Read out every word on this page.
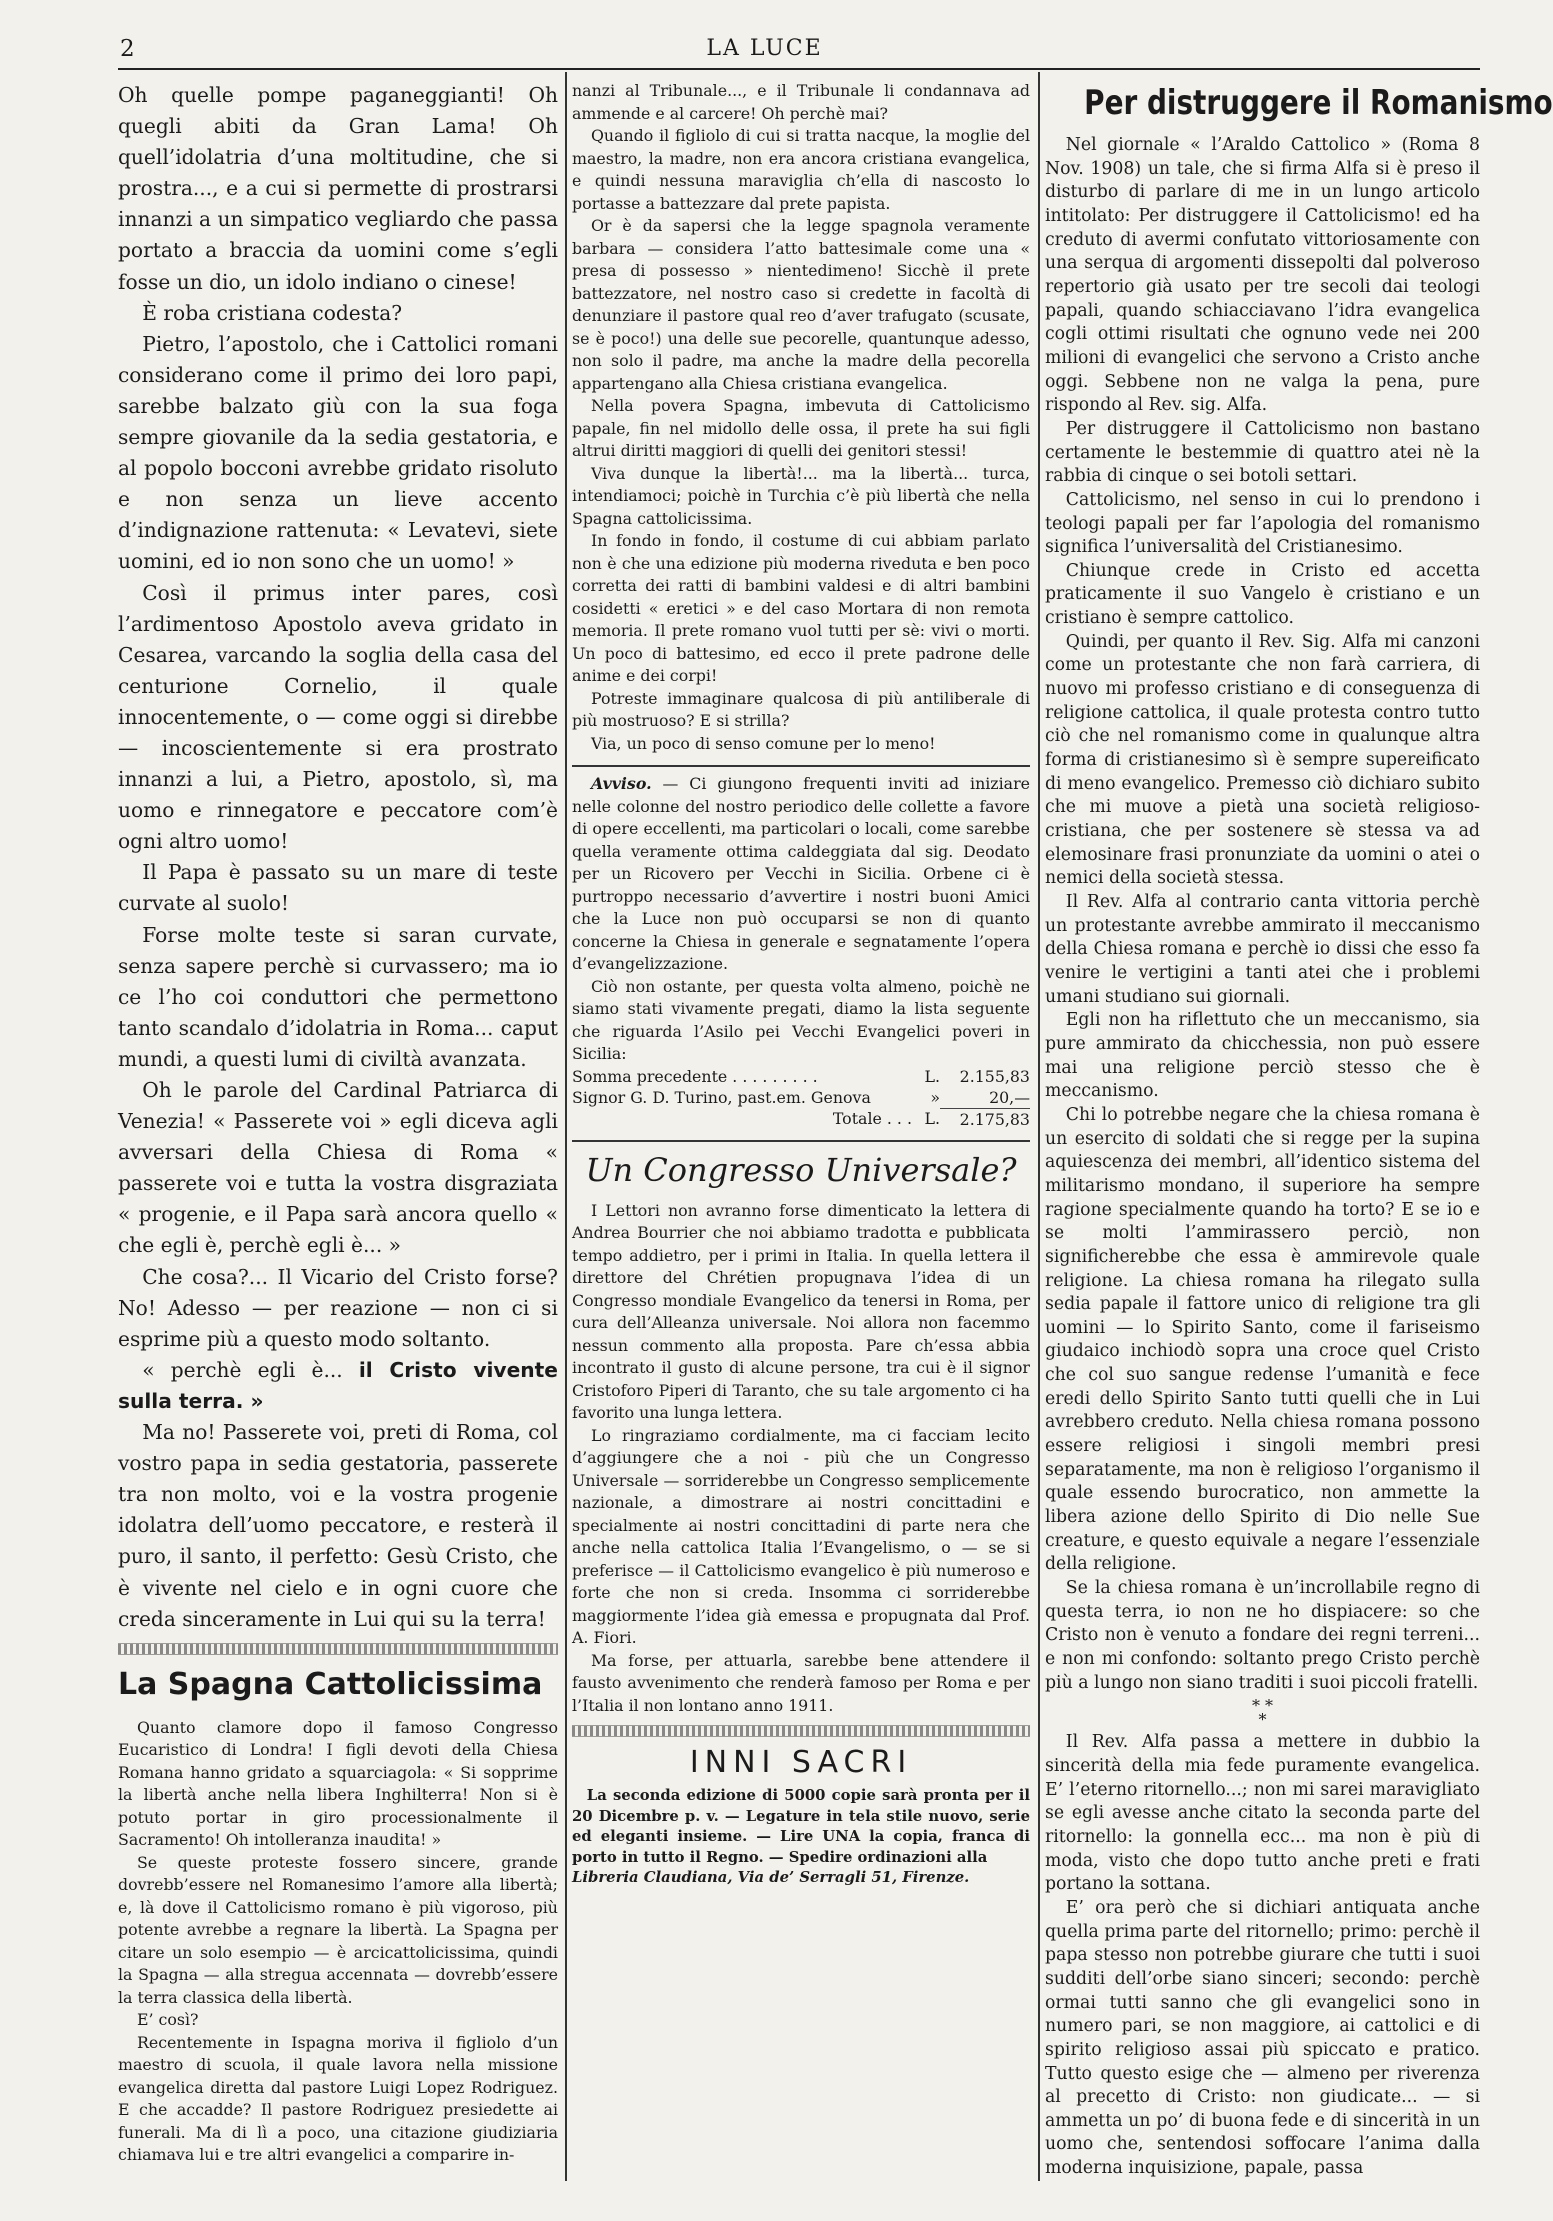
2	LA LUCE

Oh quelle pompe paganeggianti! Oh quegli abiti da Gran Lama! Oh quell’idolatria d’una moltitudine, che si prostra..., e a cui si permette di prostrarsi innanzi a un simpatico vegliardo che passa portato a braccia da uomini come s’egli fosse un dio, un idolo indiano o cinese!

È roba cristiana codesta?

Pietro, l’apostolo, che i Cattolici romani considerano come il primo dei loro papi, sarebbe balzato giù con la sua foga sempre giovanile da la sedia gestatoria, e al popolo bocconi avrebbe gridato risoluto e non senza un lieve accento d’indignazione rattenuta: « Levatevi, siete uomini, ed io non sono che un uomo! »

Così il primus inter pares, così l’ardimentoso Apostolo aveva gridato in Cesarea, varcando la soglia della casa del centurione Cornelio, il quale innocentemente, o — come oggi si direbbe — incoscientemente si era prostrato innanzi a lui, a Pietro, apostolo, sì, ma uomo e rinnegatore e peccatore com’è ogni altro uomo!

Il Papa è passato su un mare di teste curvate al suolo!

Forse molte teste si saran curvate, senza sapere perchè si curvassero; ma io ce l’ho coi conduttori che permettono tanto scandalo d’idolatria in Roma... caput mundi, a questi lumi di civiltà avanzata.

Oh le parole del Cardinal Patriarca di Venezia! « Passerete voi » egli diceva agli avversari della Chiesa di Roma « passerete voi e tutta la vostra disgraziata « progenie, e il Papa sarà ancora quello « che egli è, perchè egli è... »

Che cosa?... Il Vicario del Cristo forse? No! Adesso — per reazione — non ci si esprime più a questo modo soltanto.

« perchè egli è... il Cristo vivente sulla terra. »

Ma no! Passerete voi, preti di Roma, col vostro papa in sedia gestatoria, passerete tra non molto, voi e la vostra progenie idolatra dell’uomo peccatore, e resterà il puro, il santo, il perfetto: Gesù Cristo, che è vivente nel cielo e in ogni cuore che creda sinceramente in Lui qui su la terra!

La Spagna Cattolicissima

Quanto clamore dopo il famoso Congresso Eucaristico di Londra! I figli devoti della Chiesa Romana hanno gridato a squarciagola: « Si sopprime la libertà anche nella libera Inghilterra! Non si è potuto portar in giro processionalmente il Sacramento! Oh intolleranza inaudita! »

Se queste proteste fossero sincere, grande dovrebb’essere nel Romanesimo l’amore alla libertà; e, là dove il Cattolicismo romano è più vigoroso, più potente avrebbe a regnare la libertà. La Spagna per citare un solo esempio — è arcicattolicissima, quindi la Spagna — alla stregua accennata — dovrebb’essere la terra classica della libertà.

E’ così?

Recentemente in Ispagna moriva il figliolo d’un maestro di scuola, il quale lavora nella missione evangelica diretta dal pastore Luigi Lopez Rodriguez. E che accadde? Il pastore Rodriguez presiedette ai funerali. Ma di lì a poco, una citazione giudiziaria chiamava lui e tre altri evangelici a comparire in-

nanzi al Tribunale..., e il Tribunale li condannava ad ammende e al carcere! Oh perchè mai?

Quando il figliolo di cui si tratta nacque, la moglie del maestro, la madre, non era ancora cristiana evangelica, e quindi nessuna maraviglia ch’ella di nascosto lo portasse a battezzare dal prete papista.

Or è da sapersi che la legge spagnola veramente barbara — considera l’atto battesimale come una « presa di possesso » nientedimeno! Sicchè il prete battezzatore, nel nostro caso si credette in facoltà di denunziare il pastore qual reo d’aver trafugato (scusate, se è poco!) una delle sue pecorelle, quantunque adesso, non solo il padre, ma anche la madre della pecorella appartengano alla Chiesa cristiana evangelica.

Nella povera Spagna, imbevuta di Cattolicismo papale, fin nel midollo delle ossa, il prete ha sui figli altrui diritti maggiori di quelli dei genitori stessi!

Viva dunque la libertà!... ma la libertà... turca, intendiamoci; poichè in Turchia c’è più libertà che nella Spagna cattolicissima.

In fondo in fondo, il costume di cui abbiam parlato non è che una edizione più moderna riveduta e ben poco corretta dei ratti di bambini valdesi e di altri bambini cosidetti « eretici » e del caso Mortara di non remota memoria. Il prete romano vuol tutti per sè: vivi o morti. Un poco di battesimo, ed ecco il prete padrone delle anime e dei corpi!

Potreste immaginare qualcosa di più antiliberale di più mostruoso? E si strilla?

Via, un poco di senso comune per lo meno!

Avviso. — Ci giungono frequenti inviti ad iniziare nelle colonne del nostro periodico delle collette a favore di opere eccellenti, ma particolari o locali, come sarebbe quella veramente ottima caldeggiata dal sig. Deodato per un Ricovero per Vecchi in Sicilia. Orbene ci è purtroppo necessario d’avvertire i nostri buoni Amici che la Luce non può occuparsi se non di quanto concerne la Chiesa in generale e segnatamente l’opera d’evangelizzazione.

Ciò non ostante, per questa volta almeno, poichè ne siamo stati vivamente pregati, diamo la lista seguente che riguarda l’Asilo pei Vecchi Evangelici poveri in Sicilia:

Somma precedente . . . . . . . . .	L.	2.155,83
Signor G. D. Turino, past.em. Genova	»	20,—
Totale . . .	L.	2.175,83
Un Congresso Universale?

I Lettori non avranno forse dimenticato la lettera di Andrea Bourrier che noi abbiamo tradotta e pubblicata tempo addietro, per i primi in Italia. In quella lettera il direttore del Chrétien propugnava l’idea di un Congresso mondiale Evangelico da tenersi in Roma, per cura dell’Alleanza universale. Noi allora non facemmo nessun commento alla proposta. Pare ch’essa abbia incontrato il gusto di alcune persone, tra cui è il signor Cristoforo Piperi di Taranto, che su tale argomento ci ha favorito una lunga lettera.

Lo ringraziamo cordialmente, ma ci facciam lecito d’aggiungere che a noi - più che un Congresso Universale — sorriderebbe un Congresso semplicemente nazionale, a dimostrare ai nostri concittadini e specialmente ai nostri concittadini di parte nera che anche nella cattolica Italia l’Evangelismo, o — se si preferisce — il Cattolicismo evangelico è più numeroso e forte che non si creda. Insomma ci sorriderebbe maggiormente l’idea già emessa e propugnata dal Prof. A. Fiori.

Ma forse, per attuarla, sarebbe bene attendere il fausto avvenimento che renderà famoso per Roma e per l’Italia il non lontano anno 1911.

INNI SACRI

La seconda edizione di 5000 copie sarà pronta per il 20 Dicembre p. v. — Legature in tela stile nuovo, serie ed eleganti insieme. — Lire UNA la copia, franca di porto in tutto il Regno. — Spedire ordinazioni alla

Libreria Claudiana, Via de’ Serragli 51, Firenze.

Per distruggere il Romanismo

Nel giornale « l’Araldo Cattolico » (Roma 8 Nov. 1908) un tale, che si firma Alfa si è preso il disturbo di parlare di me in un lungo articolo intitolato: Per distruggere il Cattolicismo! ed ha creduto di avermi confutato vittoriosamente con una serqua di argomenti dissepolti dal polveroso repertorio già usato per tre secoli dai teologi papali, quando schiacciavano l’idra evangelica cogli ottimi risultati che ognuno vede nei 200 milioni di evangelici che servono a Cristo anche oggi. Sebbene non ne valga la pena, pure rispondo al Rev. sig. Alfa.

Per distruggere il Cattolicismo non bastano certamente le bestemmie di quattro atei nè la rabbia di cinque o sei botoli settari.

Cattolicismo, nel senso in cui lo prendono i teologi papali per far l’apologia del romanismo significa l’universalità del Cristianesimo.

Chiunque crede in Cristo ed accetta praticamente il suo Vangelo è cristiano e un cristiano è sempre cattolico.

Quindi, per quanto il Rev. Sig. Alfa mi canzoni come un protestante che non farà carriera, di nuovo mi professo cristiano e di conseguenza di religione cattolica, il quale protesta contro tutto ciò che nel romanismo come in qualunque altra forma di cristianesimo sì è sempre supereificato di meno evangelico. Premesso ciò dichiaro subito che mi muove a pietà una società religioso-cristiana, che per sostenere sè stessa va ad elemosinare frasi pronunziate da uomini o atei o nemici della società stessa.

Il Rev. Alfa al contrario canta vittoria perchè un protestante avrebbe ammirato il meccanismo della Chiesa romana e perchè io dissi che esso fa venire le vertigini a tanti atei che i problemi umani studiano sui giornali.

Egli non ha riflettuto che un meccanismo, sia pure ammirato da chicchessia, non può essere mai una religione perciò stesso che è meccanismo.

Chi lo potrebbe negare che la chiesa romana è un esercito di soldati che si regge per la supina aquiescenza dei membri, all’identico sistema del militarismo mondano, il superiore ha sempre ragione specialmente quando ha torto? E se io e se molti l’ammirassero perciò, non significherebbe che essa è ammirevole quale religione. La chiesa romana ha rilegato sulla sedia papale il fattore unico di religione tra gli uomini — lo Spirito Santo, come il fariseismo giudaico inchiodò sopra una croce quel Cristo che col suo sangue redense l’umanità e fece eredi dello Spirito Santo tutti quelli che in Lui avrebbero creduto. Nella chiesa romana possono essere religiosi i singoli membri presi separatamente, ma non è religioso l’organismo il quale essendo burocratico, non ammette la libera azione dello Spirito di Dio nelle Sue creature, e questo equivale a negare l’essenziale della religione.

Se la chiesa romana è un’incrollabile regno di questa terra, io non ne ho dispiacere: so che Cristo non è venuto a fondare dei regni terreni... e non mi confondo: soltanto prego Cristo perchè più a lungo non siano traditi i suoi piccoli fratelli.

* *
*

Il Rev. Alfa passa a mettere in dubbio la sincerità della mia fede puramente evangelica. E’ l’eterno ritornello...; non mi sarei maravigliato se egli avesse anche citato la seconda parte del ritornello: la gonnella ecc... ma non è più di moda, visto che dopo tutto anche preti e frati portano la sottana.

E’ ora però che si dichiari antiquata anche quella prima parte del ritornello; primo: perchè il papa stesso non potrebbe giurare che tutti i suoi sudditi dell’orbe siano sinceri; secondo: perchè ormai tutti sanno che gli evangelici sono in numero pari, se non maggiore, ai cattolici e di spirito religioso assai più spiccato e pratico. Tutto questo esige che — almeno per riverenza al precetto di Cristo: non giudicate... — si ammetta un po’ di buona fede e di sincerità in un uomo che, sentendosi soffocare l’anima dalla moderna inquisizione, papale, passa
